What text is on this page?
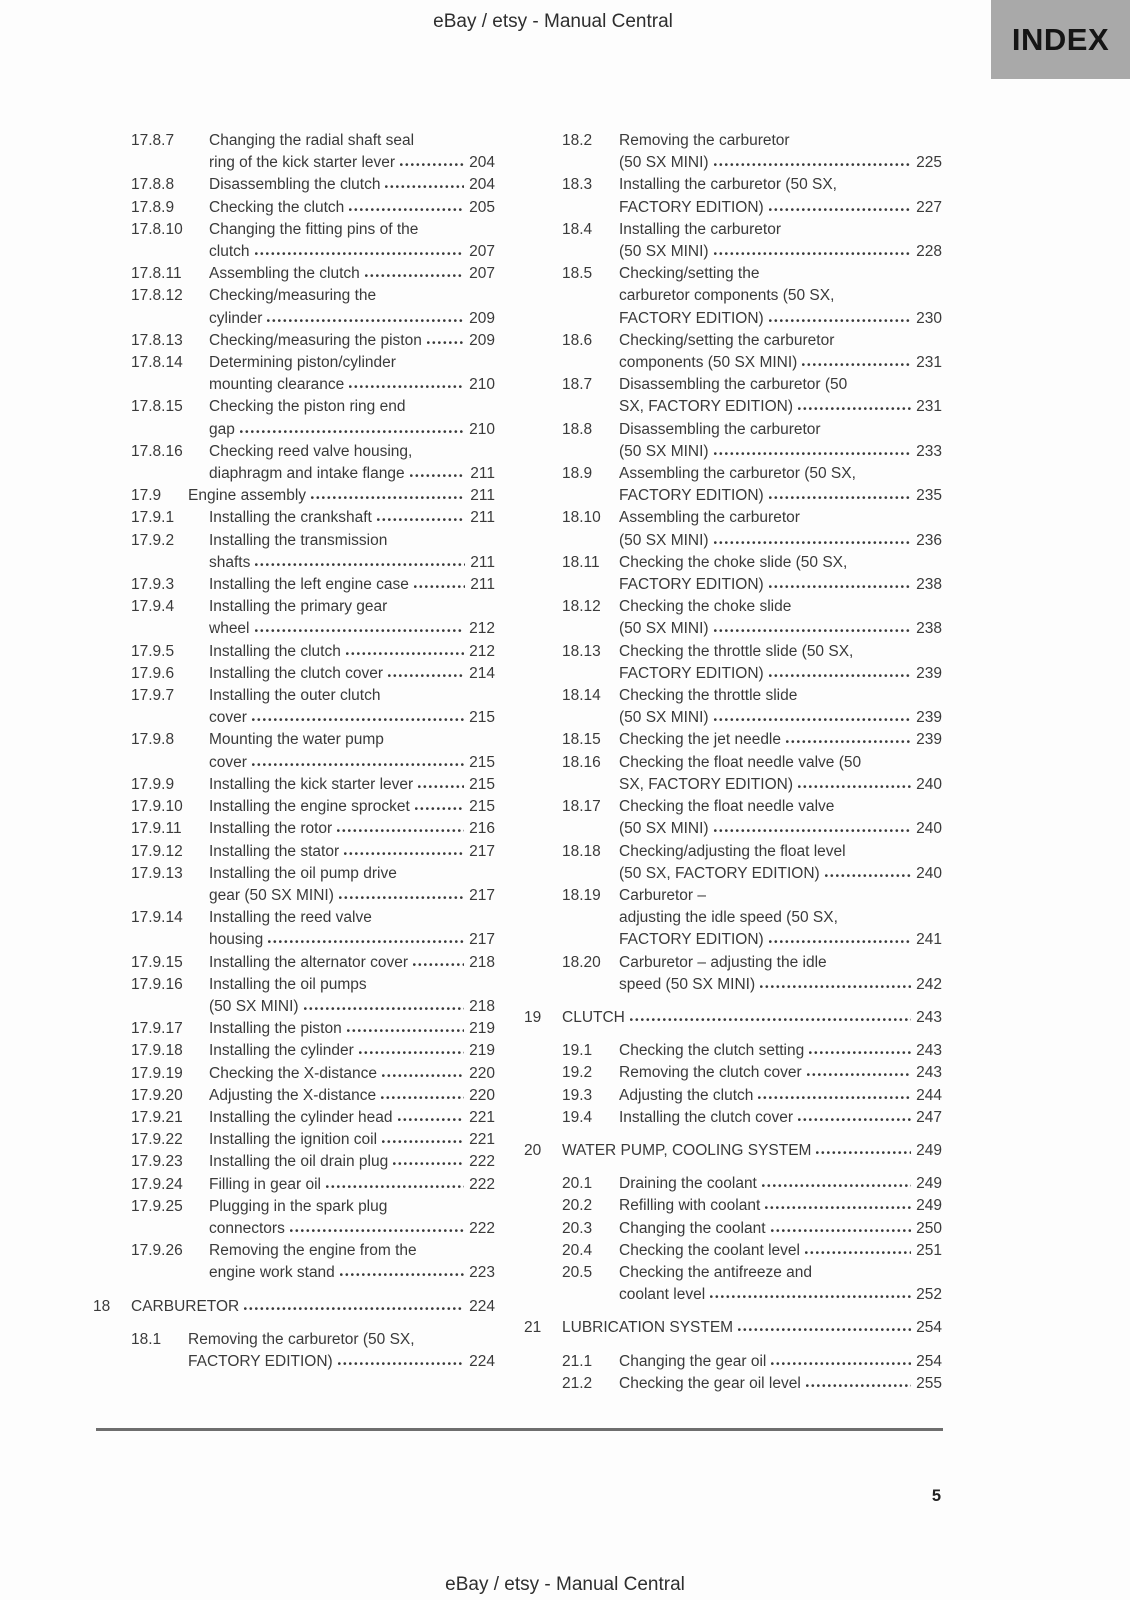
eBay / etsy - Manual Central	INDEX
17.8.7	Changing the radial shaft seal
ring of the kick starter lever	204
17.8.8	Disassembling the clutch	204
17.8.9	Checking the clutch	205
17.8.10	Changing the fitting pins of the
clutch	207
17.8.11	Assembling the clutch	207
17.8.12	Checking/measuring the
cylinder	209
17.8.13	Checking/measuring the piston	209
17.8.14	Determining piston/cylinder
mounting clearance	210
17.8.15	Checking the piston ring end
gap	210
17.8.16	Checking reed valve housing,
diaphragm and intake flange	211
17.9	Engine assembly	211
17.9.1	Installing the crankshaft	211
17.9.2	Installing the transmission
shafts	211
17.9.3	Installing the left engine case	211
17.9.4	Installing the primary gear
wheel	212
17.9.5	Installing the clutch	212
17.9.6	Installing the clutch cover	214
17.9.7	Installing the outer clutch
cover	215
17.9.8	Mounting the water pump
cover	215
17.9.9	Installing the kick starter lever	215
17.9.10	Installing the engine sprocket	215
17.9.11	Installing the rotor	216
17.9.12	Installing the stator	217
17.9.13	Installing the oil pump drive
gear (50 SX MINI)	217
17.9.14	Installing the reed valve
housing	217
17.9.15	Installing the alternator cover	218
17.9.16	Installing the oil pumps
(50 SX MINI)	218
17.9.17	Installing the piston	219
17.9.18	Installing the cylinder	219
17.9.19	Checking the X-distance	220
17.9.20	Adjusting the X-distance	220
17.9.21	Installing the cylinder head	221
17.9.22	Installing the ignition coil	221
17.9.23	Installing the oil drain plug	222
17.9.24	Filling in gear oil	222
17.9.25	Plugging in the spark plug
connectors	222
17.9.26	Removing the engine from the
engine work stand	223
18	CARBURETOR	224
18.1	Removing the carburetor (50 SX,
FACTORY EDITION)	224
18.2	Removing the carburetor
(50 SX MINI)	225
18.3	Installing the carburetor (50 SX,
FACTORY EDITION)	227
18.4	Installing the carburetor
(50 SX MINI)	228
18.5	Checking/setting the
carburetor components (50 SX,
FACTORY EDITION)	230
18.6	Checking/setting the carburetor
components (50 SX MINI)	231
18.7	Disassembling the carburetor (50
SX, FACTORY EDITION)	231
18.8	Disassembling the carburetor
(50 SX MINI)	233
18.9	Assembling the carburetor (50 SX,
FACTORY EDITION)	235
18.10	Assembling the carburetor
(50 SX MINI)	236
18.11	Checking the choke slide (50 SX,
FACTORY EDITION)	238
18.12	Checking the choke slide
(50 SX MINI)	238
18.13	Checking the throttle slide (50 SX,
FACTORY EDITION)	239
18.14	Checking the throttle slide
(50 SX MINI)	239
18.15	Checking the jet needle	239
18.16	Checking the float needle valve (50
SX, FACTORY EDITION)	240
18.17	Checking the float needle valve
(50 SX MINI)	240
18.18	Checking/adjusting the float level
(50 SX, FACTORY EDITION)	240
18.19	Carburetor –
adjusting the idle speed (50 SX,
FACTORY EDITION)	241
18.20	Carburetor – adjusting the idle
speed (50 SX MINI)	242
19	CLUTCH	243
19.1	Checking the clutch setting	243
19.2	Removing the clutch cover	243
19.3	Adjusting the clutch	244
19.4	Installing the clutch cover	247
20	WATER PUMP, COOLING SYSTEM	249
20.1	Draining the coolant	249
20.2	Refilling with coolant	249
20.3	Changing the coolant	250
20.4	Checking the coolant level	251
20.5	Checking the antifreeze and
coolant level	252
21	LUBRICATION SYSTEM	254
21.1	Changing the gear oil	254
21.2	Checking the gear oil level	255
5
eBay / etsy - Manual Central
